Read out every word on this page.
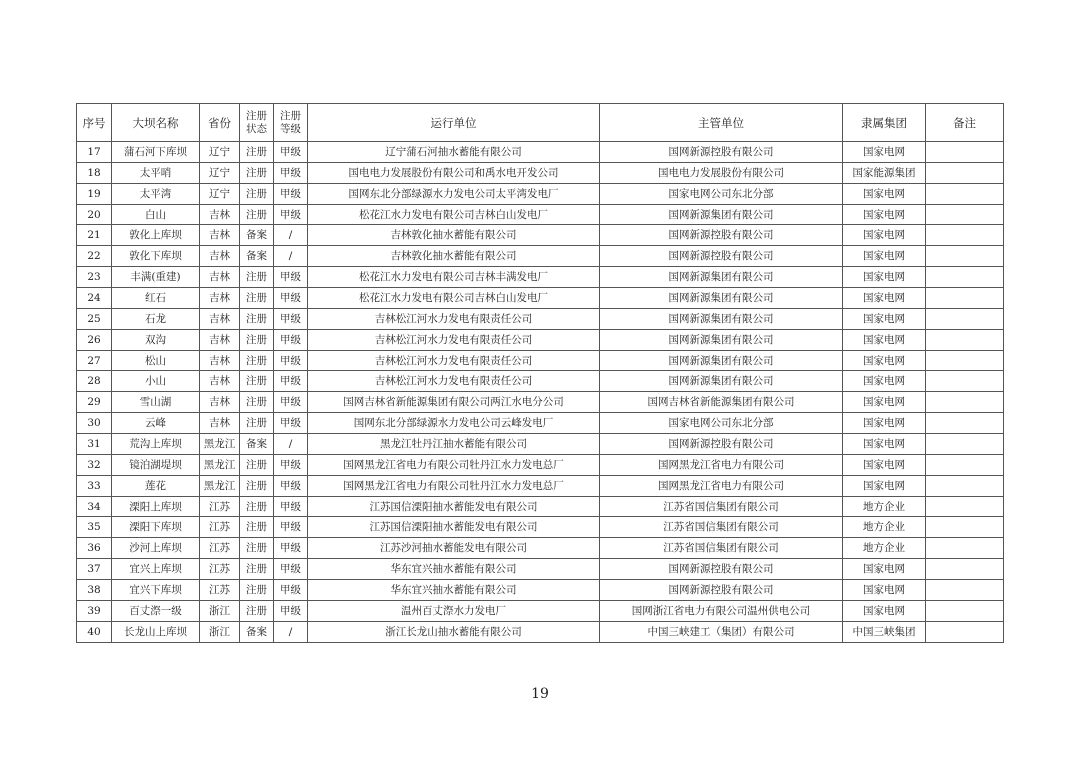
序号	大坝名称	省份	注册状态	注册等级	运行单位	主管单位	隶属集团	备注
17	蒲石河下库坝	辽宁	注册	甲级	辽宁蒲石河抽水蓄能有限公司	国网新源控股有限公司	国家电网	
18	太平哨	辽宁	注册	甲级	国电电力发展股份有限公司和禹水电开发公司	国电电力发展股份有限公司	国家能源集团	
19	太平湾	辽宁	注册	甲级	国网东北分部绿源水力发电公司太平湾发电厂	国家电网公司东北分部	国家电网	
20	白山	吉林	注册	甲级	松花江水力发电有限公司吉林白山发电厂	国网新源集团有限公司	国家电网	
21	敦化上库坝	吉林	备案	/	吉林敦化抽水蓄能有限公司	国网新源控股有限公司	国家电网	
22	敦化下库坝	吉林	备案	/	吉林敦化抽水蓄能有限公司	国网新源控股有限公司	国家电网	
23	丰满(重建)	吉林	注册	甲级	松花江水力发电有限公司吉林丰满发电厂	国网新源集团有限公司	国家电网	
24	红石	吉林	注册	甲级	松花江水力发电有限公司吉林白山发电厂	国网新源集团有限公司	国家电网	
25	石龙	吉林	注册	甲级	吉林松江河水力发电有限责任公司	国网新源集团有限公司	国家电网	
26	双沟	吉林	注册	甲级	吉林松江河水力发电有限责任公司	国网新源集团有限公司	国家电网	
27	松山	吉林	注册	甲级	吉林松江河水力发电有限责任公司	国网新源集团有限公司	国家电网	
28	小山	吉林	注册	甲级	吉林松江河水力发电有限责任公司	国网新源集团有限公司	国家电网	
29	雪山湖	吉林	注册	甲级	国网吉林省新能源集团有限公司两江水电分公司	国网吉林省新能源集团有限公司	国家电网	
30	云峰	吉林	注册	甲级	国网东北分部绿源水力发电公司云峰发电厂	国家电网公司东北分部	国家电网	
31	荒沟上库坝	黑龙江	备案	/	黑龙江牡丹江抽水蓄能有限公司	国网新源控股有限公司	国家电网	
32	镜泊湖堤坝	黑龙江	注册	甲级	国网黑龙江省电力有限公司牡丹江水力发电总厂	国网黑龙江省电力有限公司	国家电网	
33	莲花	黑龙江	注册	甲级	国网黑龙江省电力有限公司牡丹江水力发电总厂	国网黑龙江省电力有限公司	国家电网	
34	溧阳上库坝	江苏	注册	甲级	江苏国信溧阳抽水蓄能发电有限公司	江苏省国信集团有限公司	地方企业	
35	溧阳下库坝	江苏	注册	甲级	江苏国信溧阳抽水蓄能发电有限公司	江苏省国信集团有限公司	地方企业	
36	沙河上库坝	江苏	注册	甲级	江苏沙河抽水蓄能发电有限公司	江苏省国信集团有限公司	地方企业	
37	宜兴上库坝	江苏	注册	甲级	华东宜兴抽水蓄能有限公司	国网新源控股有限公司	国家电网	
38	宜兴下库坝	江苏	注册	甲级	华东宜兴抽水蓄能有限公司	国网新源控股有限公司	国家电网	
39	百丈漈一级	浙江	注册	甲级	温州百丈漈水力发电厂	国网浙江省电力有限公司温州供电公司	国家电网	
40	长龙山上库坝	浙江	备案	/	浙江长龙山抽水蓄能有限公司	中国三峡建工（集团）有限公司	中国三峡集团	
19
